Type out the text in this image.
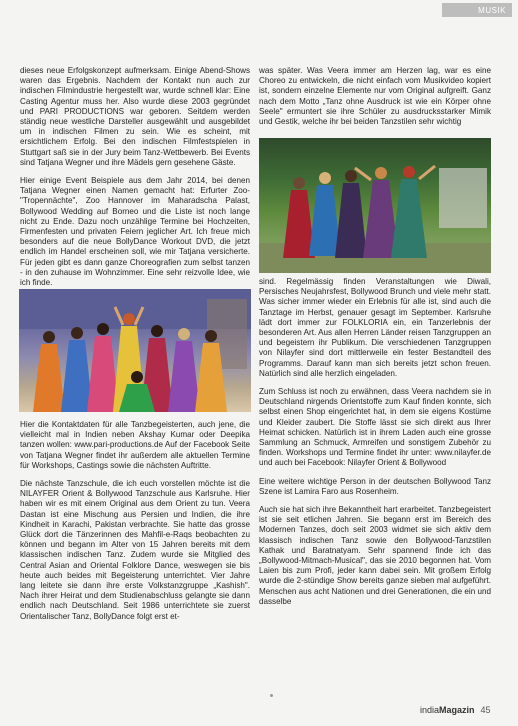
MUSIK

dieses neue Erfolgskonzept aufmerksam. Einige Abend-Shows waren das Ergebnis. Nachdem der Kontakt nun auch zur indischen Filmindustrie hergestellt war, wurde schnell klar: Eine Casting Agentur muss her. Also wurde diese 2003 gegründet und PARI PRODUCTIONS war geboren. Seitdem werden ständig neue westliche Darsteller ausgewählt und ausgebildet um in indischen Filmen zu sein. Wie es scheint, mit ersichtlichem Erfolg. Bei den indischen Filmfestspielen in Stuttgart saß sie in der Jury beim Tanz-Wettbewerb. Bei Events sind Tatjana Wegner und ihre Mädels gern gesehene Gäste.

Hier einige Event Beispiele aus dem Jahr 2014, bei denen Tatjana Wegner einen Namen gemacht hat: Erfurter Zoo-"Tropennächte", Zoo Hannover im Maharadscha Palast, Bollywood Wedding auf Borneo und die Liste ist noch lange nicht zu Ende. Dazu noch unzählige Termine bei Hochzeiten, Firmenfesten und privaten Feiern jeglicher Art. Ich freue mich besonders auf die neue BollyDance Workout DVD, die jetzt endlich im Handel erscheinen soll, wie mir Tatjana versicherte. Für jeden gibt es dann ganze Choreografien zum selbst tanzen - in den zuhause im Wohnzimmer. Eine sehr reizvolle Idee, wie ich finde.

was später. Was Veera immer am Herzen lag, war es eine Choreo zu entwickeln, die nicht einfach vom Musikvideo kopiert ist, sondern einzelne Elemente nur vom Original aufgreift. Ganz nach dem Motto „Tanz ohne Ausdruck ist wie ein Körper ohne Seele" ermuntert sie ihre Schüler zu ausdrucksstarker Mimik und Gestik, welche ihr bei beiden Tanzstilen sehr wichtig

sind. Regelmässig finden Veranstaltungen wie Diwali, Persisches Neujahrsfest, Bollywood Brunch und viele mehr statt. Was sicher immer wieder ein Erlebnis für alle ist, sind auch die Tanztage im Herbst, genauer gesagt im September. Karlsruhe lädt dort immer zur FOLKLORIA ein, ein Tanzerlebnis der besonderen Art. Aus allen Herren Länder reisen Tanzgruppen an und begeistern ihr Publikum. Die verschiedenen Tanzgruppen von Nilayfer sind dort mittlerweile ein fester Bestandteil des Programms. Darauf kann man sich bereits jetzt schon freuen. Natürlich sind alle herzlich eingeladen.

Zum Schluss ist noch zu erwähnen, dass Veera nachdem sie in Deutschland nirgends Orientstoffe zum Kauf finden konnte, sich selbst einen Shop eingerichtet hat, in dem sie eigens Kostüme und Kleider zaubert. Die Stoffe lässt sie sich direkt aus Ihrer Heimat schicken. Natürlich ist in ihrem Laden auch eine grosse Sammlung an Schmuck, Armreifen und sonstigem Zubehör zu finden. Workshops und Termine findet ihr unter: www.nilayfer.de und auch bei Facebook: Nilayfer Orient & Bollywood

Eine weitere wichtige Person in der deutschen Bollywood Tanz Szene ist Lamira Faro aus Rosenheim.

Auch sie hat sich ihre Bekanntheit hart erarbeitet. Tanzbegeistert ist sie seit etlichen Jahren. Sie begann erst im Bereich des Modernen Tanzes, doch seit 2003 widmet sie sich aktiv dem klassisch indischen Tanz sowie den Bollywood-Tanzstilen Kathak und Baratnatyam. Sehr spannend finde ich das „Bollywood-Mitmach-Musical", das sie 2010 begonnen hat. Vom Laien bis zum Profi, jeder kann dabei sein. Mit großem Erfolg wurde die 2-stündige Show bereits ganze sieben mal aufgeführt. Menschen aus acht Nationen und drei Generationen, die ein und dasselbe

Hier die Kontaktdaten für alle Tanzbegeisterten, auch jene, die vielleicht mal in Indien neben Akshay Kumar oder Deepika tanzen wollen: www.pari-productions.de Auf der Facebook Seite von Tatjana Wegner findet ihr außerdem alle aktuellen Termine für Workshops, Castings sowie die nächsten Auftritte.

Die nächste Tanzschule, die ich euch vorstellen möchte ist die NILAYFER Orient & Bollywood Tanzschule aus Karlsruhe. Hier haben wir es mit einem Original aus dem Orient zu tun. Veera Dastan ist eine Mischung aus Persien und Indien, die ihre Kindheit in Karachi, Pakistan verbrachte. Sie hatte das grosse Glück dort die Tänzerinnen des Mahfil-e-Raqs beobachten zu können und begann im Alter von 15 Jahren bereits mit dem klassischen indischen Tanz. Zudem wurde sie Mitglied des Central Asian and Oriental Folklore Dance, weswegen sie bis heute auch beides mit Begeisterung unterrichtet. Vier Jahre lang leitete sie dann ihre erste Volkstanzgruppe „Kashish". Nach ihrer Heirat und dem Studienabschluss gelangte sie dann endlich nach Deutschland. Seit 1986 unterrichtete sie zuerst Orientalischer Tanz, BollyDance folgt erst et-

indiaMagazin 45
